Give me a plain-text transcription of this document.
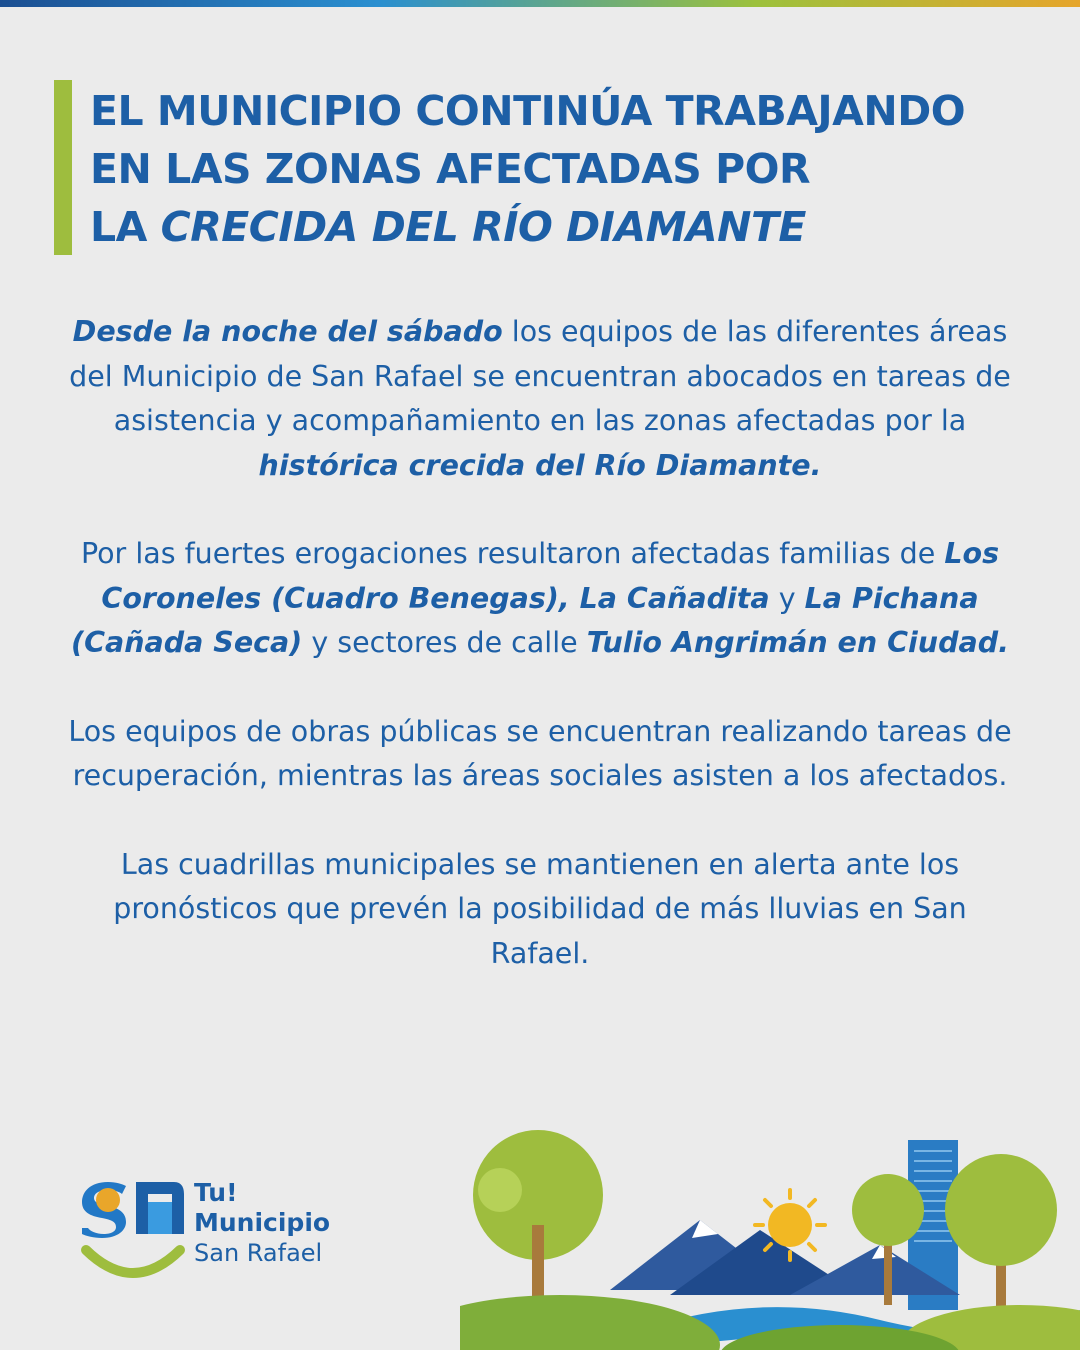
EL MUNICIPIO CONTINÚA TRABAJANDO
EN LAS ZONAS AFECTADAS POR
LA CRECIDA DEL RÍO DIAMANTE

Desde la noche del sábado los equipos de las diferentes áreas del Municipio de San Rafael se encuentran abocados en tareas de asistencia y acompañamiento en las zonas afectadas por la histórica crecida del Río Diamante.

Por las fuertes erogaciones resultaron afectadas familias de Los Coroneles (Cuadro Benegas), La Cañadita y La Pichana (Cañada Seca) y sectores de calle Tulio Angrimán en Ciudad.

Los equipos de obras públicas se encuentran realizando tareas de recuperación, mientras las áreas sociales asisten a los afectados.

Las cuadrillas municipales se mantienen en alerta ante los pronósticos que prevén la posibilidad de más lluvias en San Rafael.

Tu!
Municipio
San Rafael
